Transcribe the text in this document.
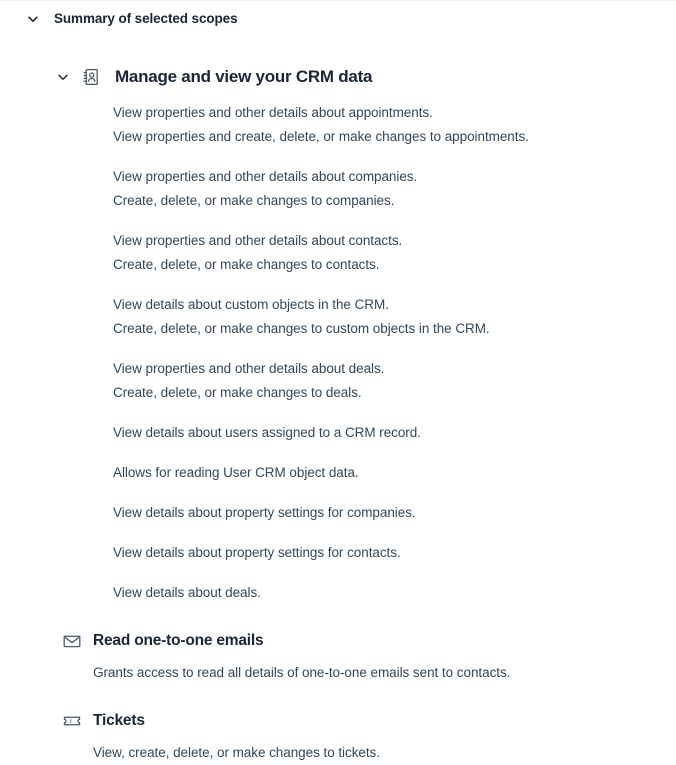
Summary of selected scopes
Manage and view your CRM data
View properties and other details about appointments.
View properties and create, delete, or make changes to appointments.
View properties and other details about companies.
Create, delete, or make changes to companies.
View properties and other details about contacts.
Create, delete, or make changes to contacts.
View details about custom objects in the CRM.
Create, delete, or make changes to custom objects in the CRM.
View properties and other details about deals.
Create, delete, or make changes to deals.
View details about users assigned to a CRM record.
Allows for reading User CRM object data.
View details about property settings for companies.
View details about property settings for contacts.
View details about deals.
Read one-to-one emails
Grants access to read all details of one-to-one emails sent to contacts.
Tickets
View, create, delete, or make changes to tickets.
